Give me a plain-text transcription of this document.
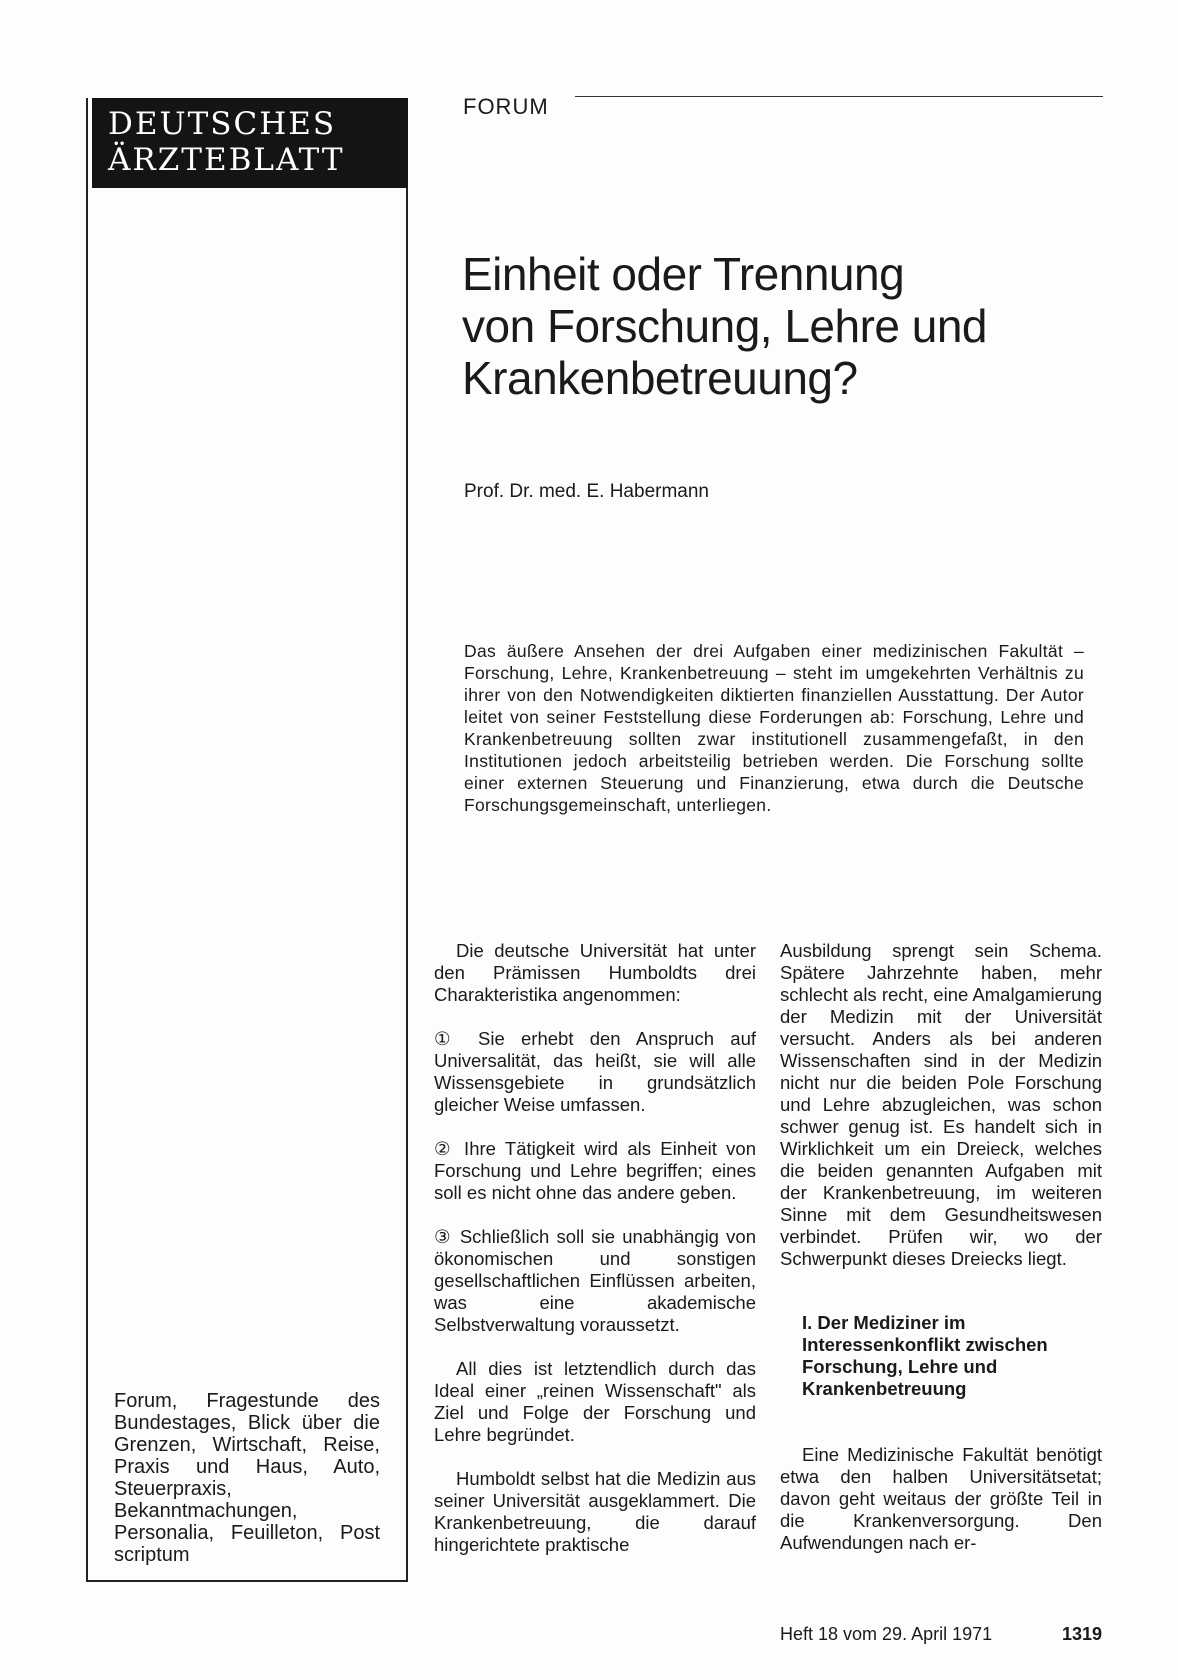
DEUTSCHES
ÄRZTEBLATT
Forum, Fragestunde des Bundestages, Blick über die Grenzen, Wirtschaft, Reise, Praxis und Haus, Auto, Steuerpraxis, Bekanntmachungen, Personalia, Feuilleton, Post scriptum
FORUM
Einheit oder Trennung
von Forschung, Lehre und
Krankenbetreuung?
Prof. Dr. med. E. Habermann
Das äußere Ansehen der drei Aufgaben einer medizinischen Fakultät – Forschung, Lehre, Krankenbetreuung – steht im umgekehrten Verhältnis zu ihrer von den Notwendigkeiten diktierten finanziellen Ausstattung. Der Autor leitet von seiner Feststellung diese Forderungen ab: Forschung, Lehre und Krankenbetreuung sollten zwar institutionell zusammengefaßt, in den Institutionen jedoch arbeitsteilig betrieben werden. Die Forschung sollte einer externen Steuerung und Finanzierung, etwa durch die Deutsche Forschungsgemeinschaft, unterliegen.

Die deutsche Universität hat unter den Prämissen Humboldts drei Charakteristika angenommen:

① Sie erhebt den Anspruch auf Universalität, das heißt, sie will alle Wissensgebiete in grundsätzlich gleicher Weise umfassen.

② Ihre Tätigkeit wird als Einheit von Forschung und Lehre begriffen; eines soll es nicht ohne das andere geben.

③ Schließlich soll sie unabhängig von ökonomischen und sonstigen gesellschaftlichen Einflüssen arbeiten, was eine akademische Selbstverwaltung voraussetzt.

All dies ist letztendlich durch das Ideal einer „reinen Wissenschaft" als Ziel und Folge der Forschung und Lehre begründet.

Humboldt selbst hat die Medizin aus seiner Universität ausgeklammert. Die Krankenbetreuung, die darauf hingerichtete praktische

Ausbildung sprengt sein Schema. Spätere Jahrzehnte haben, mehr schlecht als recht, eine Amalgamierung der Medizin mit der Universität versucht. Anders als bei anderen Wissenschaften sind in der Medizin nicht nur die beiden Pole Forschung und Lehre abzugleichen, was schon schwer genug ist. Es handelt sich in Wirklichkeit um ein Dreieck, welches die beiden genannten Aufgaben mit der Krankenbetreuung, im weiteren Sinne mit dem Gesundheitswesen verbindet. Prüfen wir, wo der Schwerpunkt dieses Dreiecks liegt.

I. Der Mediziner im Interessenkonflikt zwischen Forschung, Lehre und Krankenbetreuung

Eine Medizinische Fakultät benötigt etwa den halben Universitätsetat; davon geht weitaus der größte Teil in die Krankenversorgung. Den Aufwendungen nach er-

Heft 18 vom 29. April 1971	1319
